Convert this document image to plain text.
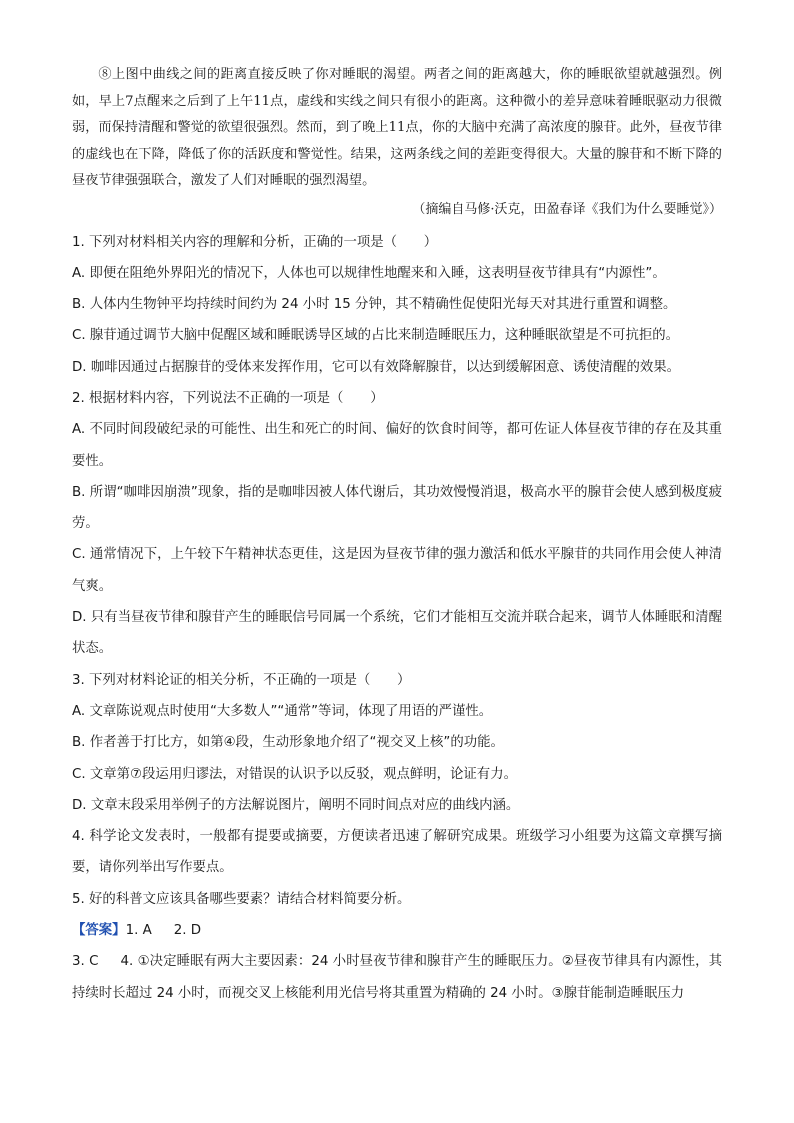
⑧上图中曲线之间的距离直接反映了你对睡眠的渴望。两者之间的距离越大，你的睡眠欲望就越强烈。例如，早上7点醒来之后到了上午11点，虚线和实线之间只有很小的距离。这种微小的差异意味着睡眠驱动力很微弱，而保持清醒和警觉的欲望很强烈。然而，到了晚上11点，你的大脑中充满了高浓度的腺苷。此外，昼夜节律的虚线也在下降，降低了你的活跃度和警觉性。结果，这两条线之间的差距变得很大。大量的腺苷和不断下降的昼夜节律强强联合，激发了人们对睡眠的强烈渴望。

（摘编自马修·沃克，田盈春译《我们为什么要睡觉》）

1. 下列对材料相关内容的理解和分析，正确的一项是（　　）

A. 即便在阻绝外界阳光的情况下，人体也可以规律性地醒来和入睡，这表明昼夜节律具有“内源性”。

B. 人体内生物钟平均持续时间约为 24 小时 15 分钟，其不精确性促使阳光每天对其进行重置和调整。

C. 腺苷通过调节大脑中促醒区域和睡眠诱导区域的占比来制造睡眠压力，这种睡眠欲望是不可抗拒的。

D. 咖啡因通过占据腺苷的受体来发挥作用，它可以有效降解腺苷，以达到缓解困意、诱使清醒的效果。

2. 根据材料内容，下列说法不正确的一项是（　　）

A. 不同时间段破纪录的可能性、出生和死亡的时间、偏好的饮食时间等，都可佐证人体昼夜节律的存在及其重要性。

B. 所谓“咖啡因崩溃”现象，指的是咖啡因被人体代谢后，其功效慢慢消退，极高水平的腺苷会使人感到极度疲劳。

C. 通常情况下，上午较下午精神状态更佳，这是因为昼夜节律的强力激活和低水平腺苷的共同作用会使人神清气爽。

D. 只有当昼夜节律和腺苷产生的睡眠信号同属一个系统，它们才能相互交流并联合起来，调节人体睡眠和清醒状态。

3. 下列对材料论证的相关分析，不正确的一项是（　　）

A. 文章陈说观点时使用“大多数人”“通常”等词，体现了用语的严谨性。

B. 作者善于打比方，如第④段，生动形象地介绍了“视交叉上核”的功能。

C. 文章第⑦段运用归谬法，对错误的认识予以反驳，观点鲜明，论证有力。

D. 文章末段采用举例子的方法解说图片，阐明不同时间点对应的曲线内涵。

4. 科学论文发表时，一般都有提要或摘要，方便读者迅速了解研究成果。班级学习小组要为这篇文章撰写摘要，请你列举出写作要点。

5. 好的科普文应该具备哪些要素？请结合材料简要分析。

【答案】1. A 2. D

3. C 4. ①决定睡眠有两大主要因素：24 小时昼夜节律和腺苷产生的睡眠压力。②昼夜节律具有内源性，其持续时长超过 24 小时，而视交叉上核能利用光信号将其重置为精确的 24 小时。③腺苷能制造睡眠压力
